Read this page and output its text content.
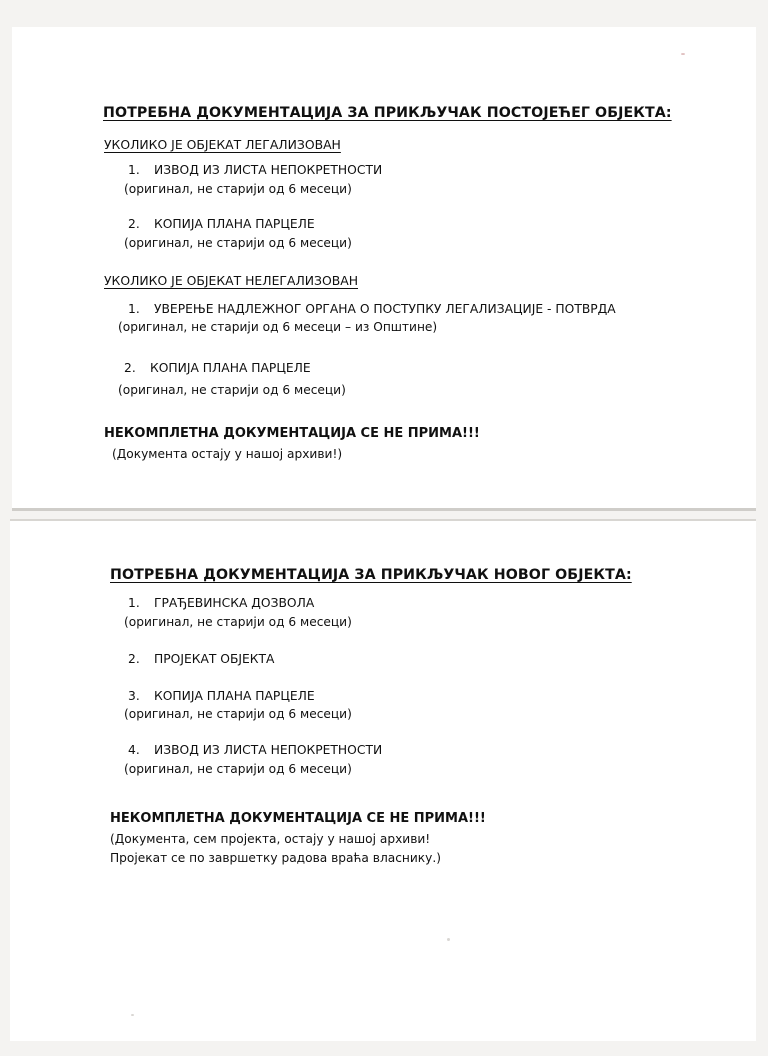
ПОТРЕБНА ДОКУМЕНТАЦИЈА ЗА ПРИКЉУЧАК ПОСТОЈЕЋЕГ ОБЈЕКТА:
УКОЛИКО ЈЕ ОБЈЕКАТ ЛЕГАЛИЗОВАН
1. ИЗВОД ИЗ ЛИСТА НЕПОКРЕТНОСТИ
(оригинал, не старији од 6 месеци)
2. КОПИЈА ПЛАНА ПАРЦЕЛЕ
(оригинал, не старији од 6 месеци)
УКОЛИКО ЈЕ ОБЈЕКАТ НЕЛЕГАЛИЗОВАН
1. УВЕРЕЊЕ НАДЛЕЖНОГ ОРГАНА О ПОСТУПКУ ЛЕГАЛИЗАЦИЈЕ - ПОТВРДА
(оригинал, не старији од 6 месеци – из Општине)
2. КОПИЈА ПЛАНА ПАРЦЕЛЕ
(оригинал, не старији од 6 месеци)
НЕКОМПЛЕТНА ДОКУМЕНТАЦИЈА СЕ НЕ ПРИМА!!!
(Документа остају у нашој архиви!)
ПОТРЕБНА ДОКУМЕНТАЦИЈА ЗА ПРИКЉУЧАК НОВОГ ОБЈЕКТА:
1. ГРАЂЕВИНСКА ДОЗВОЛА
(оригинал, не старији од 6 месеци)
2. ПРОЈЕКАТ ОБЈЕКТА
3. КОПИЈА ПЛАНА ПАРЦЕЛЕ
(оригинал, не старији од 6 месеци)
4. ИЗВОД ИЗ ЛИСТА НЕПОКРЕТНОСТИ
(оригинал, не старији од 6 месеци)
НЕКОМПЛЕТНА ДОКУМЕНТАЦИЈА СЕ НЕ ПРИМА!!!
(Документа, сем пројекта, остају у нашој архиви!
Пројекат се по завршетку радова враћа власнику.)
